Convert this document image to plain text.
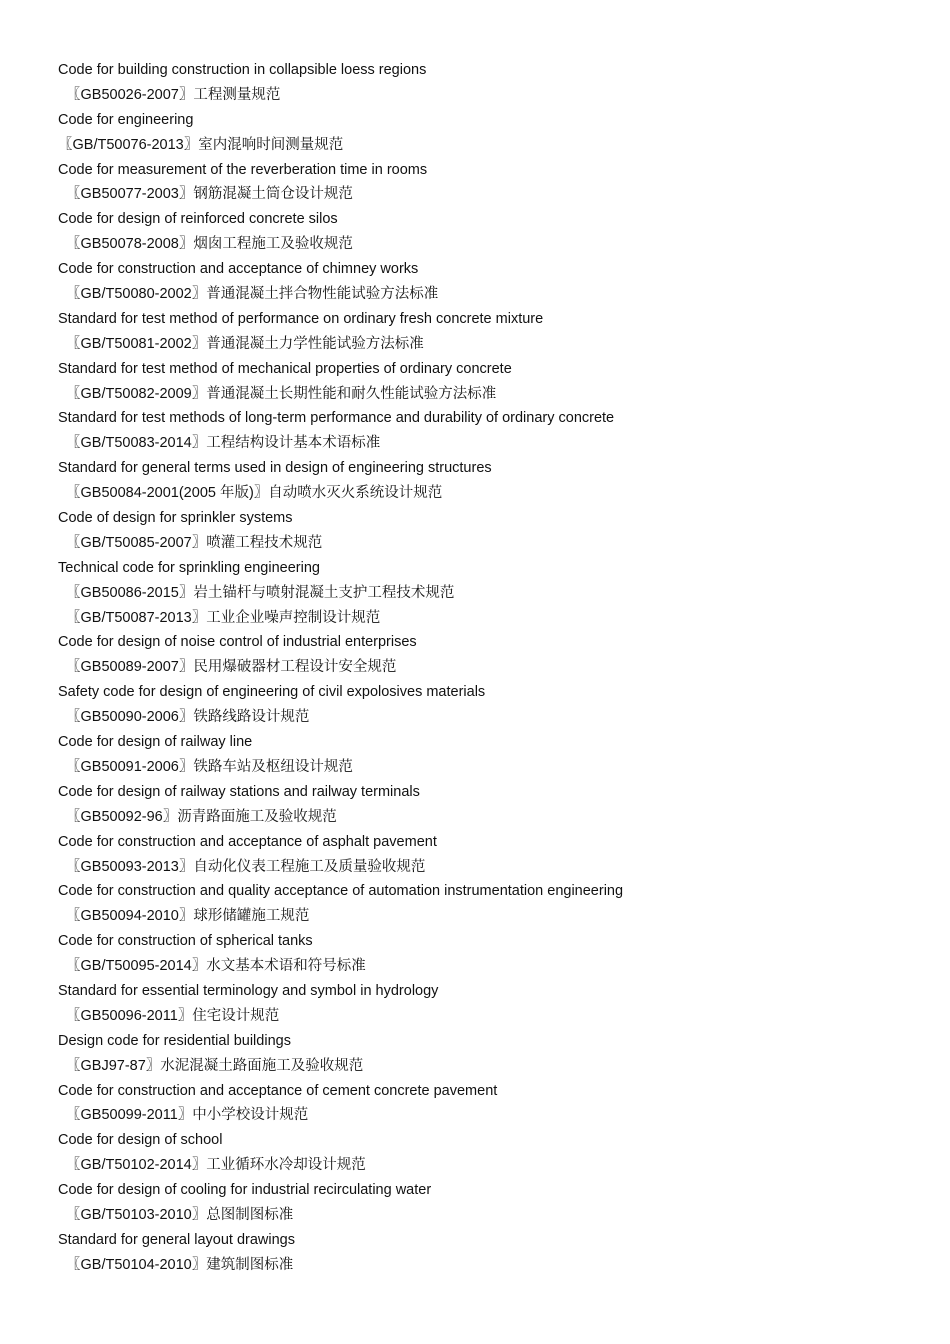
Code for building construction in collapsible loess regions
〖GB50026-2007〗工程测量规范
Code for engineering
〖GB/T50076-2013〗室内混响时间测量规范
Code for measurement of the reverberation time in rooms
〖GB50077-2003〗钢筋混凝土筒仓设计规范
Code for design of reinforced concrete silos
〖GB50078-2008〗烟囱工程施工及验收规范
Code for construction and acceptance of chimney works
〖GB/T50080-2002〗普通混凝土拌合物性能试验方法标准
Standard for test method of performance on ordinary fresh concrete mixture
〖GB/T50081-2002〗普通混凝土力学性能试验方法标准
Standard for test method of mechanical properties of ordinary concrete
〖GB/T50082-2009〗普通混凝土长期性能和耐久性能试验方法标准
Standard for test methods of long-term performance and durability of ordinary concrete
〖GB/T50083-2014〗工程结构设计基本术语标准
Standard for general terms used in design of engineering structures
〖GB50084-2001(2005 年版)〗自动喷水灭火系统设计规范
Code of design for sprinkler systems
〖GB/T50085-2007〗喷灌工程技术规范
Technical code for sprinkling engineering
〖GB50086-2015〗岩土锚杆与喷射混凝土支护工程技术规范
〖GB/T50087-2013〗工业企业噪声控制设计规范
Code for design of noise control of industrial enterprises
〖GB50089-2007〗民用爆破器材工程设计安全规范
Safety code for design of engineering of civil expolosives materials
〖GB50090-2006〗铁路线路设计规范
Code for design of railway line
〖GB50091-2006〗铁路车站及枢纽设计规范
Code for design of railway stations and railway terminals
〖GB50092-96〗沥青路面施工及验收规范
Code for construction and acceptance of asphalt pavement
〖GB50093-2013〗自动化仪表工程施工及质量验收规范
Code for construction and quality acceptance of automation instrumentation engineering
〖GB50094-2010〗球形储罐施工规范
Code for construction of spherical tanks
〖GB/T50095-2014〗水文基本术语和符号标准
Standard for essential terminology and symbol in hydrology
〖GB50096-2011〗住宅设计规范
Design code for residential buildings
〖GBJ97-87〗水泥混凝土路面施工及验收规范
Code for construction and acceptance of cement concrete pavement
〖GB50099-2011〗中小学校设计规范
Code for design of school
〖GB/T50102-2014〗工业循环水冷却设计规范
Code for design of cooling for industrial recirculating water
〖GB/T50103-2010〗总图制图标准
Standard for general layout drawings
〖GB/T50104-2010〗建筑制图标准
